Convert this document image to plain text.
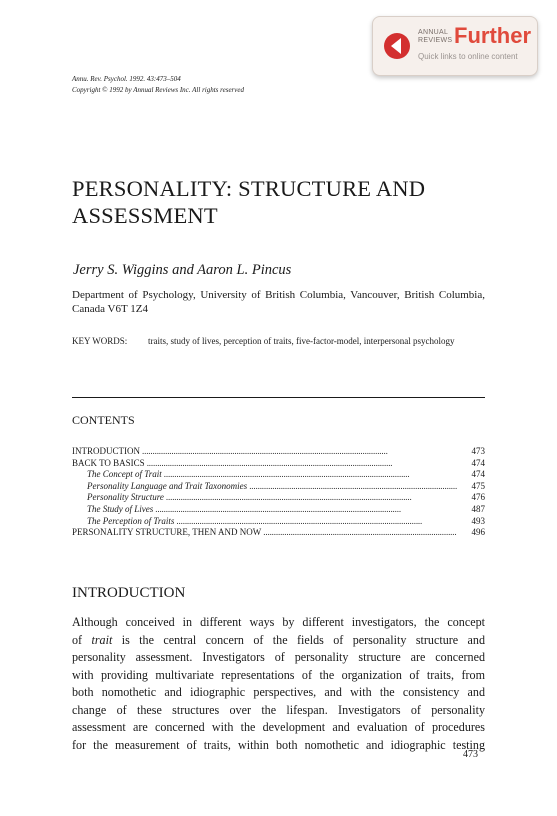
ANNUAL
REVIEWS Further
Quick links to online content
Annu. Rev. Psychol. 1992. 43:473–504
Copyright © 1992 by Annual Reviews Inc. All rights reserved
PERSONALITY: STRUCTURE AND ASSESSMENT
Jerry S. Wiggins and Aaron L. Pincus
Department of Psychology, University of British Columbia, Vancouver, British Columbia, Canada V6T 1Z4
KEY WORDS: traits, study of lives, perception of traits, five-factor-model, interpersonal psychology
CONTENTS
INTRODUCTION . . .	473
BACK TO BASICS . . .	474
The Concept of Trait . . .	474
Personality Language and Trait Taxonomies . . .	475
Personality Structure . . .	476
The Study of Lives . . .	487
The Perception of Traits . . .	493
PERSONALITY STRUCTURE, THEN AND NOW . . .	496
INTRODUCTION
Although conceived in different ways by different investigators, the concept
of trait is the central concern of the fields of personality structure and
personality assessment. Investigators of personality structure are concerned
with providing multivariate representations of the organization of traits, from
both nomothetic and idiographic perspectives, and with the consistency and
change of these structures over the lifespan. Investigators of personality
assessment are concerned with the development and evaluation of procedures
for the measurement of traits, within both nomothetic and idiographic testing
473
